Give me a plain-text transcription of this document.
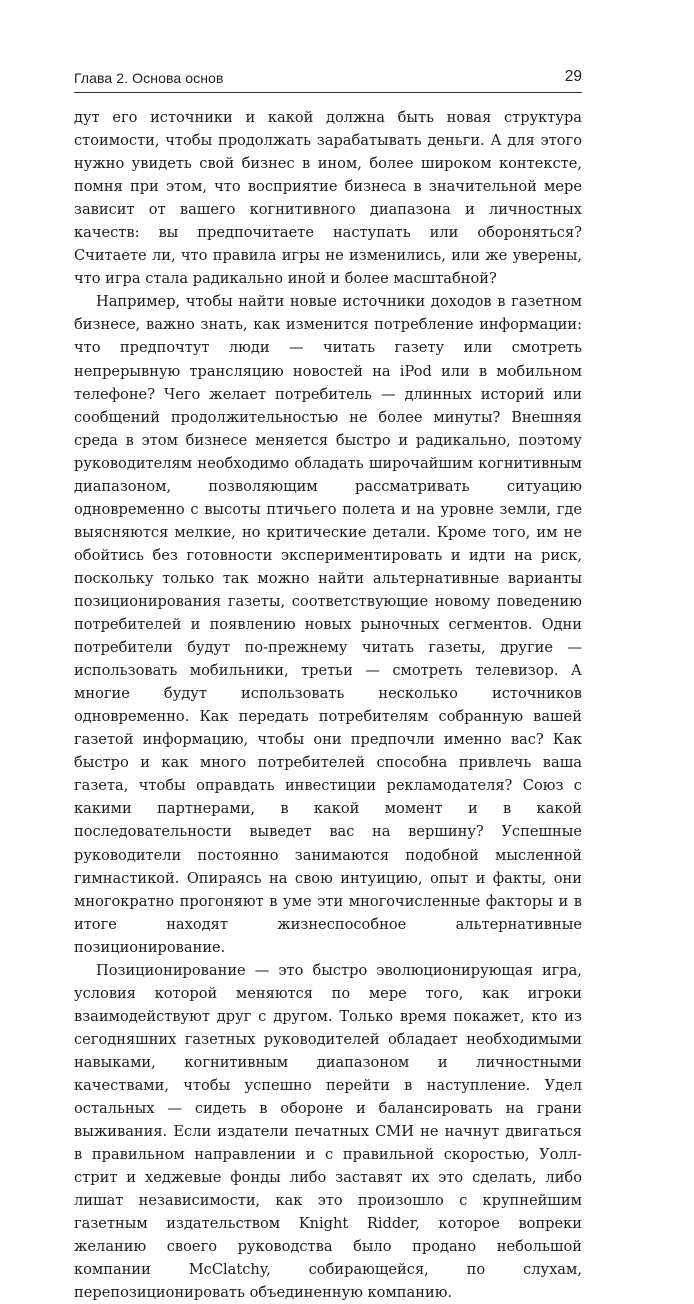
Глава 2. Основа основ	29

дут его источники и какой должна быть новая структура стоимости, чтобы продолжать зарабатывать деньги. А для этого нужно увидеть свой бизнес в ином, более широком контексте, помня при этом, что восприятие бизнеса в значительной мере зависит от вашего когнитивного диапазона и личностных качеств: вы предпочитаете наступать или обороняться? Считаете ли, что правила игры не изменились, или же уверены, что игра стала радикально иной и более масштабной?

Например, чтобы найти новые источники доходов в газетном бизнесе, важно знать, как изменится потребление информации: что предпочтут люди — читать газету или смотреть непрерывную трансляцию новостей на iPod или в мобильном телефоне? Чего желает потребитель — длинных историй или сообщений продолжительностью не более минуты? Внешняя среда в этом бизнесе меняется быстро и радикально, поэтому руководителям необходимо обладать широчайшим когнитивным диапазоном, позволяющим рассматривать ситуацию одновременно с высоты птичьего полета и на уровне земли, где выясняются мелкие, но критические детали. Кроме того, им не обойтись без готовности экспериментировать и идти на риск, поскольку только так можно найти альтернативные варианты позиционирования газеты, соответствующие новому поведению потребителей и появлению новых рыночных сегментов. Одни потребители будут по-прежнему читать газеты, другие — использовать мобильники, третьи — смотреть телевизор. А многие будут использовать несколько источников одновременно. Как передать потребителям собранную вашей газетой информацию, чтобы они предпочли именно вас? Как быстро и как много потребителей способна привлечь ваша газета, чтобы оправдать инвестиции рекламодателя? Союз с какими партнерами, в какой момент и в какой последовательности выведет вас на вершину? Успешные руководители постоянно занимаются подобной мысленной гимнастикой. Опираясь на свою интуицию, опыт и факты, они многократно прогоняют в уме эти многочисленные факторы и в итоге находят жизнеспособное альтернативные позиционирование.

Позиционирование — это быстро эволюционирующая игра, условия которой меняются по мере того, как игроки взаимодействуют друг с другом. Только время покажет, кто из сегодняшних газетных руководителей обладает необходимыми навыками, когнитивным диапазоном и личностными качествами, чтобы успешно перейти в наступление. Удел остальных — сидеть в обороне и балансировать на грани выживания. Если издатели печатных СМИ не начнут двигаться в правильном направлении и с правильной скоростью, Уолл-стрит и хеджевые фонды либо заставят их это сделать, либо лишат независимости, как это произошло с крупнейшим газетным издательством Knight Ridder, которое вопреки желанию своего руководства было продано небольшой компании McClatchy, собирающейся, по слухам, перепозиционировать объединенную компанию.
